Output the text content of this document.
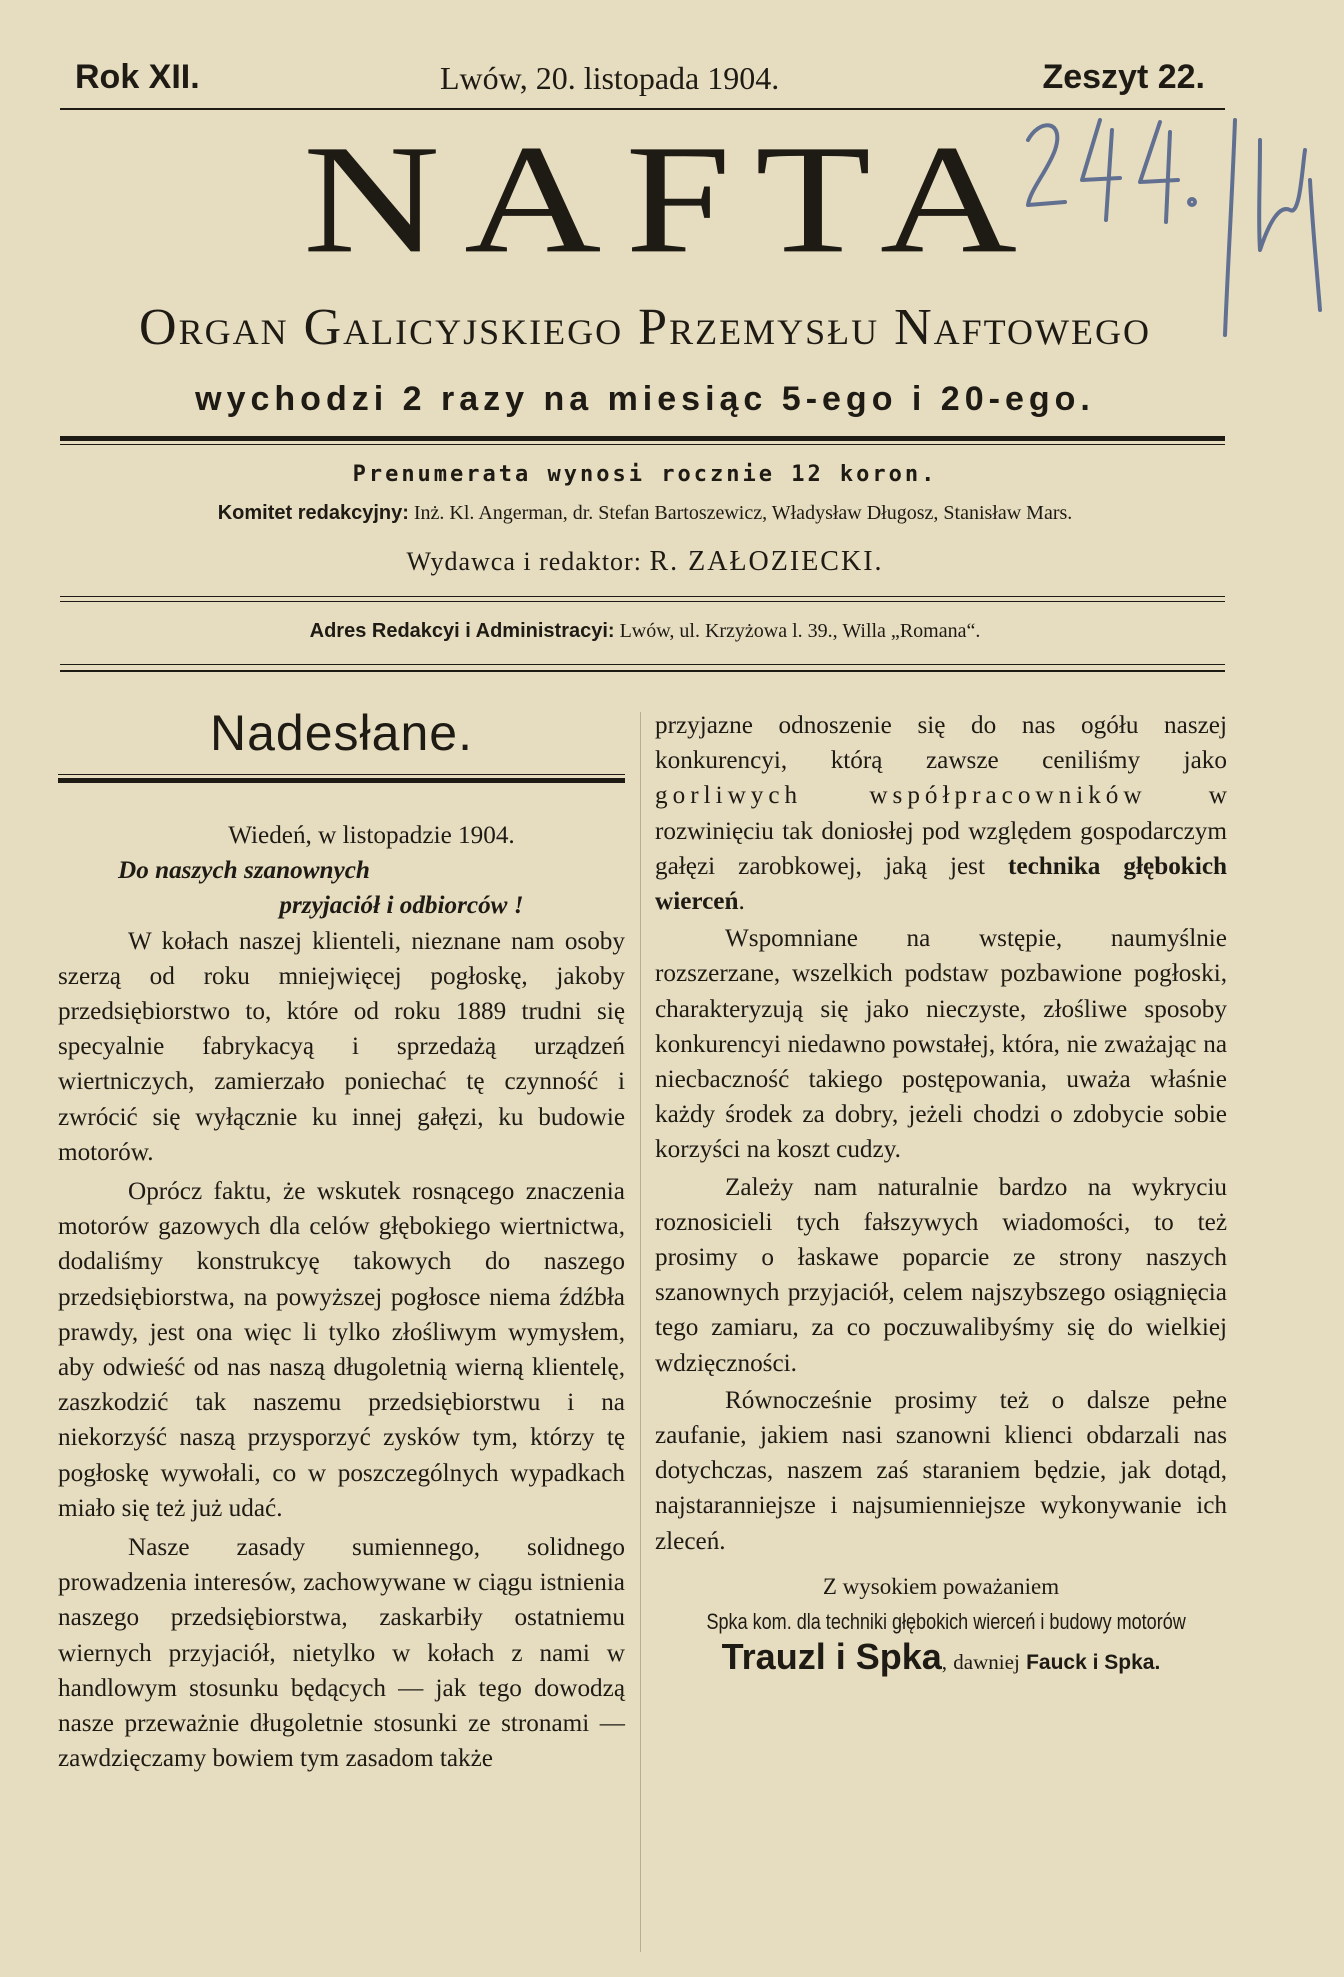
Rok XII.	Lwów, 20. listopada 1904.	Zeszyt 22.
NAFTA
Organ Galicyjskiego Przemysłu Naftowego
wychodzi 2 razy na miesiąc 5-ego i 20-ego.
Prenumerata wynosi rocznie 12 koron.
Komitet redakcyjny: Inż. Kl. Angerman, dr. Stefan Bartoszewicz, Władysław Długosz, Stanisław Mars.
Wydawca i redaktor: R. ZAŁOZIECKI.
Adres Redakcyi i Administracyi: Lwów, ul. Krzyżowa l. 39., Willa „Romana“.
244. / 44
Nadesłane.

Wiedeń, w listopadzie 1904.

Do naszych szanownych

przyjaciół i odbiorców !

W kołach naszej klienteli, nieznane nam osoby szerzą od roku mniejwięcej pogłoskę, jakoby przedsiębiorstwo to, które od roku 1889 trudni się specyalnie fabrykacyą i sprzedażą urządzeń wiertniczych, zamierzało poniechać tę czynność i zwrócić się wyłącznie ku innej gałęzi, ku budowie motorów.

Oprócz faktu, że wskutek rosnącego znaczenia motorów gazowych dla celów głębokiego wiertnictwa, dodaliśmy konstrukcyę takowych do naszego przedsiębiorstwa, na powyższej pogłosce niema źdźbła prawdy, jest ona więc li tylko złośliwym wymysłem, aby odwieść od nas naszą długoletnią wierną klientelę, zaszkodzić tak naszemu przedsiębiorstwu i na niekorzyść naszą przysporzyć zysków tym, którzy tę pogłoskę wywołali, co w poszczególnych wypadkach miało się też już udać.

Nasze zasady sumiennego, solidnego prowadzenia interesów, zachowywane w ciągu istnienia naszego przedsiębiorstwa, zaskarbiły ostatniemu wiernych przyjaciół, nietylko w kołach z nami w handlowym stosunku będących — jak tego dowodzą nasze przeważnie długoletnie stosunki ze stronami — zawdzięczamy bowiem tym zasadom także

przyjazne odnoszenie się do nas ogółu naszej konkurencyi, którą zawsze ceniliśmy jako gorliwych współpracowników w rozwinięciu tak doniosłej pod względem gospodarczym gałęzi zarobkowej, jaką jest technika głębokich wierceń.

Wspomniane na wstępie, naumyślnie rozszerzane, wszelkich podstaw pozbawione pogłoski, charakteryzują się jako nieczyste, złośliwe sposoby konkurencyi niedawno powstałej, która, nie zważając na niecbaczność takiego postępowania, uważa właśnie każdy środek za dobry, jeżeli chodzi o zdobycie sobie korzyści na koszt cudzy.

Zależy nam naturalnie bardzo na wykryciu roznosicieli tych fałszywych wiadomości, to też prosimy o łaskawe poparcie ze strony naszych szanownych przyjaciół, celem najszybszego osiągnięcia tego zamiaru, za co poczuwalibyśmy się do wielkiej wdzięczności.

Równocześnie prosimy też o dalsze pełne zaufanie, jakiem nasi szanowni klienci obdarzali nas dotychczas, naszem zaś staraniem będzie, jak dotąd, najstaranniejsze i najsumienniejsze wykonywanie ich zleceń.

Z wysokiem poważaniem

Spka kom. dla techniki głębokich wierceń i budowy motorów

Trauzl i Spka, dawniej Fauck i Spka.
